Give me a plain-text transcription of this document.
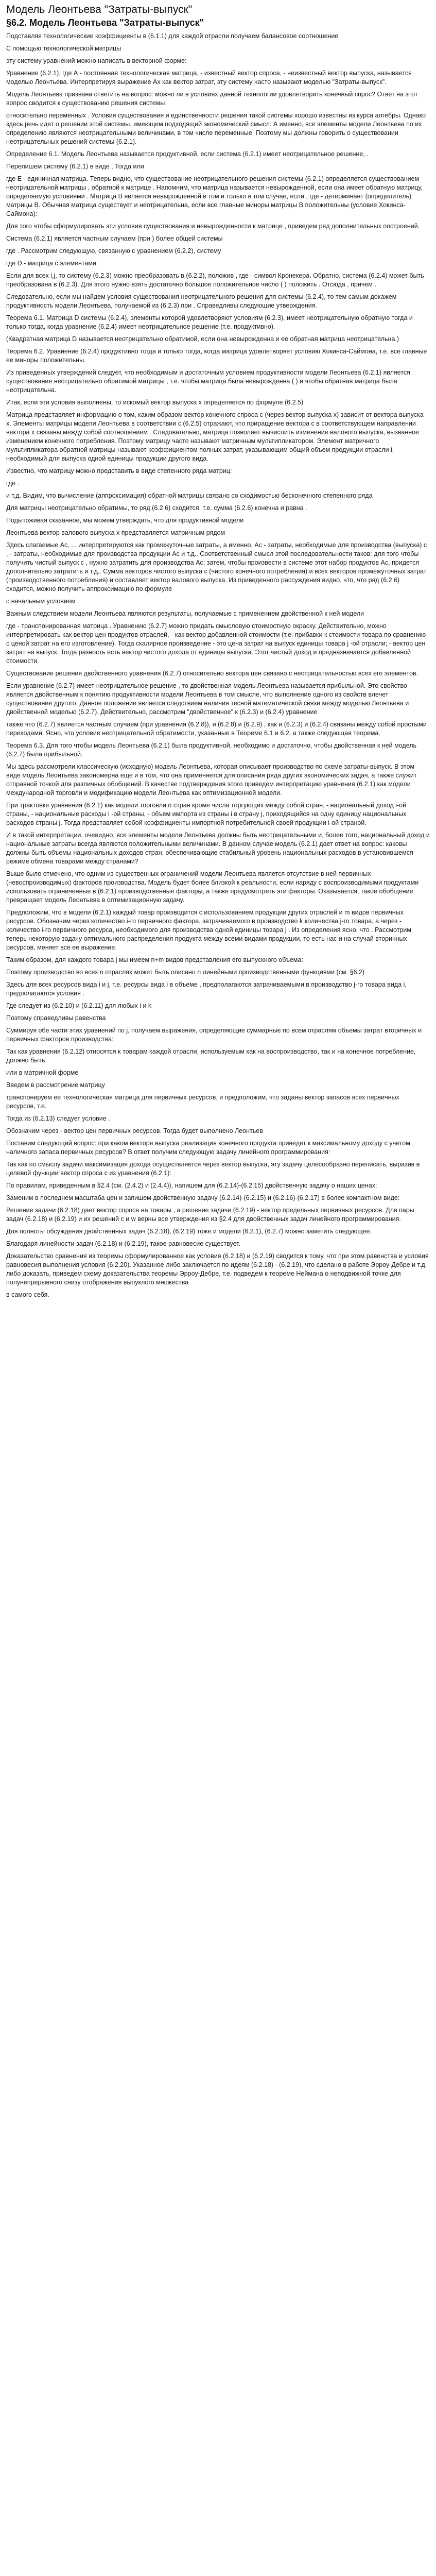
Модель Леонтьева "Затраты-выпуск"
§6.2. Модель Леонтьева "Затраты-выпуск"

Подставляя технологические коэффициенты в (6.1.1) для каждой отрасли получаем балансовое соотношение

С помощью технологической матрицы

эту систему уравнений можно написать в векторной форме:

Уравнение (6.2.1), где А - постоянная технологическая матрица, - известный вектор спроса, - неизвестный вектор выпуска, называется моделью Леонтьева. Интерпретируя выражение Ax как вектор затрат, эту систему часто называют моделью "Затраты-выпуск".

Модель Леонтьева призвана ответить на вопрос: можно ли в условиях данной технологии удовлетворить конечный спрос? Ответ на этот вопрос сводится к существованию решения системы

относительно переменных . Условия существования и единственности решения такой системы хорошо известны из курса алгебры. Однако здесь речь идет о решении этой системы, имеющем подходящий экономический смысл. А именно, все элементы модели Леонтьева по их определению являются неотрицательными величинами, в том числе переменные. Поэтому мы должны говорить о существовании неотрицательных решений системы (6.2.1).

Определение 6.1. Модель Леонтьева называется продуктивной, если система (6.2.1) имеет неотрицательное решение, .

Перепишем систему (6.2.1) в виде , Тогда или

где Е - единичная матрица. Теперь видно, что существование неотрицательного решения системы (6.2.1) определяется существованием неотрицательной матрицы , обратной к матрице . Напомним, что матрица называется невырожденной, если она имеет обратную матрицу, определяемую условиями . Матрица В является невырожденной в том и только в том случае, если , где - детерминант (определитель) матрицы В. Обычная матрица существует и неотрицательна, если все главные миноры матрицы В положительны (условие Хокинса-Саймона):

Для того чтобы сформулировать эти условия существования и невырожденности к матрице , приведем ряд дополнительных построений.

Система (6.2.1) является частным случаем (при ) более общей системы

где . Рассмотрим следующую, связанную с уравнением (6.2.2), систему

где D - матрица с элементами

Если для всех i,j, то систему (6.2.3) можно преобразовать в (6.2.2), положив , где - символ Кронекера. Обратно, система (6.2.4) может быть преобразована в (6.2.3). Для этого нужно взять достаточно большое положительное число ( ) положить . Отсюда , причем .

Следовательно, если мы найдем условия существования неотрицательного решения для системы (6.2.4), то тем самым докажем продуктивность модели Леонтьева, получаемой из (6.2.3) при . Справедливы следующие утверждения.

Теорема 6.1. Матрица D системы (6.2.4), элементы которой удовлетворяют условиям (6.2.3), имеет неотрицательную обратную тогда и только тогда, когда уравнение (6.2.4) имеет неотрицательное решение (т.е. продуктивно).

(Квадратная матрица D называется неотрицательно обратимой, если она невырожденна и ее обратная матрица неотрицательна.)

Теорема 6.2. Уравнение (6.2.4) продуктивно тогда и только тогда, когда матрица удовлетворяет условию Хокинса-Саймона, т.е. все главные ее миноры положительны.

Из приведенных утверждений следует, что необходимым и достаточным условием продуктивности модели Леонтьева (6.2.1) является существование неотрицательно обратимой матрицы , т.е. чтобы матрица была невырожденна ( ) и чтобы обратная матрица была неотрицательна.

Итак, если эти условия выполнены, то искомый вектор выпуска х определяется по формуле (6.2.5)

Матрица представляет информацию о том, каким образом вектор конечного спроса c (через вектор выпуска х) зависит от вектора выпуска x. Элементы матрицы модели Леонтьева в соответствии с (6.2.5) отражают, что приращение вектора c в соответствующем направлении вектора х связаны между собой соотношением . Следовательно, матрица позволяет вычислить изменение валового выпуска, вызванное изменением конечного потребления. Поэтому матрицу часто называют матричным мультипликатором. Элемент матричного мультипликатора обратной матрицы называют коэффициентом полных затрат, указывающим общий объем продукции отрасли i, необходимый для выпуска одной единицы продукции другого вида.

Известно, что матрицу можно представить в виде степенного ряда матриц:

где .

и т.д. Видим, что вычисление (аппроксимация) обратной матрицы связано со сходимостью бесконечного степенного ряда

Для матрицы неотрицательно обратимы, то ряд (6.2.6) сходится, т.е. сумма (6.2.6) конечна и равна .

Подытоживая сказанное, мы можем утверждать, что для продуктивной модели

Леонтьева вектор валового выпуска х представляется матричным рядом

Здесь слагаемые Ac, ... интерпретируются как промежуточные затраты, а именно, Ac - затраты, необходимые для производства (выпуска) c , - затраты, необходимые для производства продукции Ac и т.д.. Соответственный смысл этой последовательности таков: для того чтобы получить чистый выпуск c , нужно затратить для производства Ac; затем, чтобы произвести в системе этот набор продуктов Ac, придется дополнительно затратить и т.д.. Сумма векторов чистого выпуска c (чистого конечного потребления) и всех векторов промежуточных затрат (производственного потребления) и составляет вектор валового выпуска. Из приведенного рассуждения видно, что, что ряд (6.2.6) сходится, можно получить аппроксимацию по формуле

с начальным условием .

Важным следствием модели Леонтьева являются результаты, получаемые с применением двойственной к ней модели

где - транспонированная матрица . Уравнению (6.2.7) можно придать смысловую стоимостную окраску. Действительно, можно интерпретировать как вектор цен продуктов отраслей, - как вектор добавленной стоимости (т.е. прибавки к стоимости товара по сравнению с ценой затрат на его изготовление). Тогда скалярное произведение - это цена затрат на выпуск единицы товара j -ой отрасли; - вектор цен затрат на выпуск. Тогда разность есть вектор чистого дохода от единицы выпуска. Этот чистый доход и предназначается добавленной стоимости.

Существование решения двойственного уравнения (6.2.7) относительно вектора цен связано с неотрицательностью всех его элементов.

Если уравнение (6.2.7) имеет неотрицательное решение , то двойственная модель Леонтьева называется прибыльной. Это свойство является двойственным к понятию продуктивности модели Леонтьева в том смысле, что выполнение одного из свойств влечет существование другого. Данное положение является следствием наличия тесной математической связи между моделью Леонтьева и двойственной моделью (6.2.7). Действительно, рассмотрим "двойственное" к (6.2.3) и (6.2.4) уравнение

также что (6.2.7) является частным случаем (при уравнения (6.2.8)), и (6.2.8) и (6.2.9) , как и (6.2.3) и (6.2.4) связаны между собой простыми переходами. Ясно, что условие неотрицательной обратимости, указанные в Теореме 6.1 и 6.2, а также следующая теорема.

Теорема 6.3. Для того чтобы модель Леонтьева (6.2.1) была продуктивной, необходимо и достаточно, чтобы двойственная к ней модель (6.2.7) была прибыльной.

Мы здесь рассмотрели классическую (исходную) модель Леонтьева, которая описывает производство по схеме затраты-выпуск. В этом виде модель Леонтьева закономерна еще и в том, что она применяется для описания ряда других экономических задач, а также служит отправной точкой для различных обобщений. В качестве подтверждения этого приведем интерпретацию уравнения (6.2.1) как модели международной торговли и модификацию модели Леонтьева как оптимизационной модели.

При трактовке уравнения (6.2.1) как модели торговли n стран кроме числа торгующих между собой стран, - национальный доход i-ой страны, - национальные расходы i -ой страны, - объем импорта из страны i в страну j, приходящийся на одну единицу национальных расходов страны j. Тогда представляет собой коэффициенты импортной потребительной своей продукции i-ой страной.

И в такой интерпретации, очевидно, все элементы модели Леонтьева должны быть неотрицательными и, более того, национальный доход и национальные затраты всегда являются положительными величинами. В данном случае модель (6.2.1) дает ответ на вопрос: каковы должны быть объемы национальных доходов стран, обеспечивающие стабильный уровень национальных расходов в установившемся режиме обмена товарами между странами?

Выше было отмечено, что одним из существенных ограничений модели Леонтьева является отсутствие в ней первичных (невоспроизводимых) факторов производства. Модель будет более близкой к реальности, если наряду с воспроизводимыми продуктами использовать ограниченные в (6.2.1) производственные факторы, а также предусмотреть эти факторы. Оказывается, такое обобщение превращает модель Леонтьева в оптимизационную задачу.

Предположим, что в модели (6.2.1) каждый товар производится с использованием продукции других отраслей и m видов первичных ресурсов. Обозначим через количество i-го первичного фактора, затрачиваемого в производство k количества j-го товара, а через - количество i-го первичного ресурса, необходимого для производства одной единицы товара j . Из определения ясно, что . Рассмотрим теперь некоторую задачу оптимального распределения продукта между всеми видами продукции, то есть нас и на случай вторичных ресурсов, меняет все ее выражение.

Таким образом, для каждого товара j мы имеем n+m видов представления его выпускного объема:

Поэтому производство во всех n отраслях может быть описано n линейными производственными функциями (см. §6.2)

Здесь для всех ресурсов вида i и j, т.е. ресурсы вида i в объеме , предполагаются затрачиваемыми в производство j-го товара вида i, предполагаются условия .

Где следует из (6.2.10) и (6.2.11) для любых i и k

Поэтому справедливы равенства

Суммируя обе части этих уравнений по j, получаем выражения, определяющие суммарные по всем отраслям объемы затрат вторичных и первичных факторов производства:

Так как уравнения (6.2.12) относятся к товарам каждой отрасли, используемым как на воспроизводство, так и на конечное потребление, должно быть

или в матричной форме

Введем в рассмотрение матрицу

транспонируем ее технологическая матрица для первичных ресурсов, и предположим, что заданы вектор запасов всех первичных ресурсов, т.е.

Тогда из (6.2.13) следует условие .

Обозначим через - вектор цен первичных ресурсов. Тогда будет выполнено Леонтьев

Поставим следующий вопрос: при каком векторе выпуска реализация конечного продукта приведет к максимальному доходу с учетом наличного запаса первичных ресурсов? В ответ получим следующую задачу линейного программирования:

Так как по смыслу задачи максимизация дохода осуществляется через вектор выпуска, эту задачу целесообразно переписать, выразив в целевой функции вектор спроса c из уравнения (6.2.1):

По правилам, приведенным в §2.4 (см. (2.4.2) и (2.4.4)), напишем для (6.2.14)-(6.2.15) двойственную задачу о наших ценах:

Заменим в последнем масштаба цен и запишем двойственную задачу (6.2.14)-(6.2.15) и (6.2.16)-(6.2.17) в более компактном виде:

Решение задачи (6.2.18) дает вектор спроса на товары , а решение задачи (6.2.19) - вектор предельных первичных ресурсов. Для пары задач (6.2.18) и (6.2.19) и их решений c и w верны все утверждения из §2.4 для двойственных задач линейного программирования.

Для полноты обсуждения двойственных задач (6.2.18), (6.2.19) тоже и модели (6.2.1), (6.2.7) можно заметить следующее.

Благодаря линейности задач (6.2.18) и (6.2.19), такое равновесие существует.

Доказательство сравнения из теоремы сформулированное как условия (6.2.18) и (6.2.19) сводится к тому, что при этом равенства и условия равновесия выполнения условия (6.2.20). Указанное либо заключается по идеям (6.2.18) - (6.2.19), что сделано в работе Эрроу-Дебре и т.д. либо доказать, приведем схему доказательства теоремы Эрроу-Дебре, т.е. подведем к теореме Неймана о неподвижной точке для полунепрерывного снизу отображения выпуклого множества

в самого себя.
